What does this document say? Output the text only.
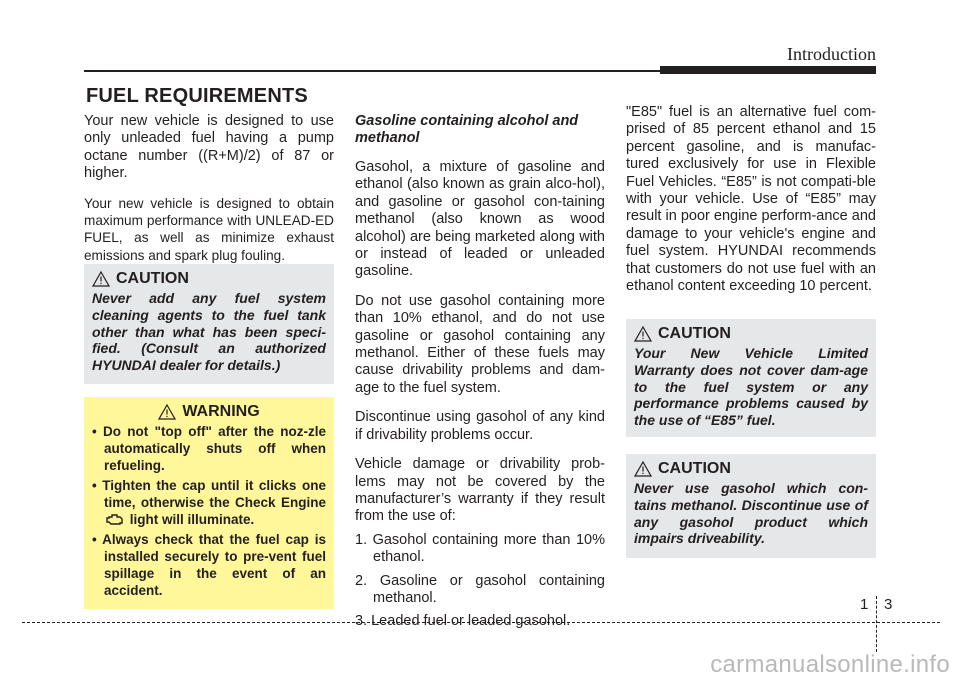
Introduction
FUEL REQUIREMENTS

Your new vehicle is designed to use only unleaded fuel having a pump octane number ((R+M)/2) of 87 or higher.

Your new vehicle is designed to obtain maximum performance with UNLEAD-ED FUEL, as well as minimize exhaust emissions and spark plug fouling.

CAUTION
Never add any fuel system cleaning agents to the fuel tank other than what has been speci-fied. (Consult an authorized HYUNDAI dealer for details.)
WARNING
• Do not "top off" after the noz-zle automatically shuts off when refueling.
• Tighten the cap until it clicks one time, otherwise the Check Engine  light will illuminate.
• Always check that the fuel cap is installed securely to pre-vent fuel spillage in the event of an accident.
Gasoline containing alcohol and methanol

Gasohol, a mixture of gasoline and ethanol (also known as grain alco-hol), and gasoline or gasohol con-taining methanol (also known as wood alcohol) are being marketed along with or instead of leaded or unleaded gasoline.

Do not use gasohol containing more than 10% ethanol, and do not use gasoline or gasohol containing any methanol. Either of these fuels may cause drivability problems and dam-age to the fuel system.

Discontinue using gasohol of any kind if drivability problems occur.

Vehicle damage or drivability prob-lems may not be covered by the manufacturer’s warranty if they result from the use of:

1. Gasohol containing more than 10% ethanol.
2. Gasoline or gasohol containing methanol.
3. Leaded fuel or leaded gasohol.

"E85" fuel is an alternative fuel com-prised of 85 percent ethanol and 15 percent gasoline, and is manufac-tured exclusively for use in Flexible Fuel Vehicles. “E85” is not compati-ble with your vehicle. Use of “E85” may result in poor engine perform-ance and damage to your vehicle's engine and fuel system. HYUNDAI recommends that customers do not use fuel with an ethanol content exceeding 10 percent.

CAUTION
Your New Vehicle Limited Warranty does not cover dam-age to the fuel system or any performance problems caused by the use of “E85” fuel.
CAUTION
Never use gasohol which con-tains methanol. Discontinue use of any gasohol product which impairs driveability.
1 3
carmanualsonline.info
